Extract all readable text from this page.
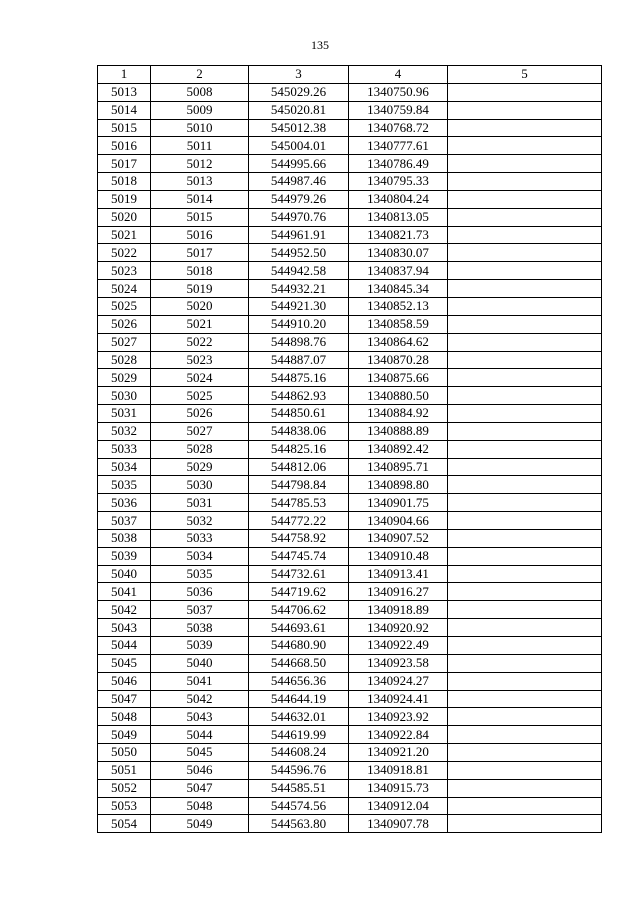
135
1	2	3	4	5
5013	5008	545029.26	1340750.96	
5014	5009	545020.81	1340759.84	
5015	5010	545012.38	1340768.72	
5016	5011	545004.01	1340777.61	
5017	5012	544995.66	1340786.49	
5018	5013	544987.46	1340795.33	
5019	5014	544979.26	1340804.24	
5020	5015	544970.76	1340813.05	
5021	5016	544961.91	1340821.73	
5022	5017	544952.50	1340830.07	
5023	5018	544942.58	1340837.94	
5024	5019	544932.21	1340845.34	
5025	5020	544921.30	1340852.13	
5026	5021	544910.20	1340858.59	
5027	5022	544898.76	1340864.62	
5028	5023	544887.07	1340870.28	
5029	5024	544875.16	1340875.66	
5030	5025	544862.93	1340880.50	
5031	5026	544850.61	1340884.92	
5032	5027	544838.06	1340888.89	
5033	5028	544825.16	1340892.42	
5034	5029	544812.06	1340895.71	
5035	5030	544798.84	1340898.80	
5036	5031	544785.53	1340901.75	
5037	5032	544772.22	1340904.66	
5038	5033	544758.92	1340907.52	
5039	5034	544745.74	1340910.48	
5040	5035	544732.61	1340913.41	
5041	5036	544719.62	1340916.27	
5042	5037	544706.62	1340918.89	
5043	5038	544693.61	1340920.92	
5044	5039	544680.90	1340922.49	
5045	5040	544668.50	1340923.58	
5046	5041	544656.36	1340924.27	
5047	5042	544644.19	1340924.41	
5048	5043	544632.01	1340923.92	
5049	5044	544619.99	1340922.84	
5050	5045	544608.24	1340921.20	
5051	5046	544596.76	1340918.81	
5052	5047	544585.51	1340915.73	
5053	5048	544574.56	1340912.04	
5054	5049	544563.80	1340907.78	
